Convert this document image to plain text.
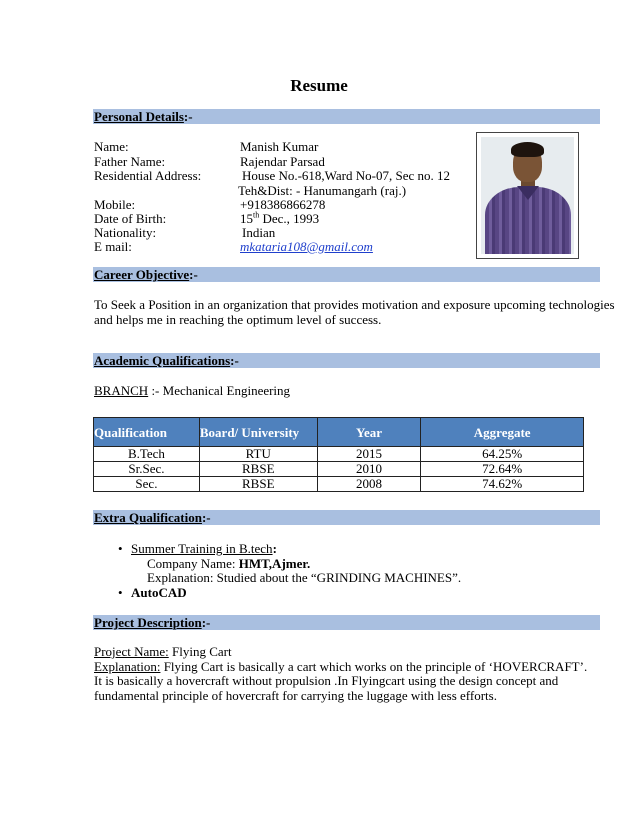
Resume
Personal Details:-
Name:	Manish Kumar
Father Name:	Rajendar Parsad
Residential Address:	House No.-618,Ward No-07, Sec no. 12
Teh&Dist: - Hanumangarh (raj.)
Mobile:	+918386866278
Date of Birth:	15th Dec., 1993
Nationality:	Indian
E mail:	mkataria108@gmail.com
Career Objective:-
To Seek a Position in an organization that provides motivation and exposure upcoming technologies
and helps me in reaching the optimum level of success.
Academic Qualifications:-
BRANCH :- Mechanical Engineering
Qualification	Board/ University	Year	Aggregate
B.Tech	RTU	2015	64.25%
Sr.Sec.	RBSE	2010	72.64%
Sec.	RBSE	2008	74.62%
Extra Qualification:-
• Summer Training in B.tech:
Company Name: HMT,Ajmer.
Explanation: Studied about the “GRINDING MACHINES”.
• AutoCAD
Project Description:-
Project Name: Flying Cart
Explanation: Flying Cart is basically a cart which works on the principle of ‘HOVERCRAFT’.
It is basically a hovercraft without propulsion .In Flyingcart using the design concept and
fundamental principle of hovercraft for carrying the luggage with less efforts.
